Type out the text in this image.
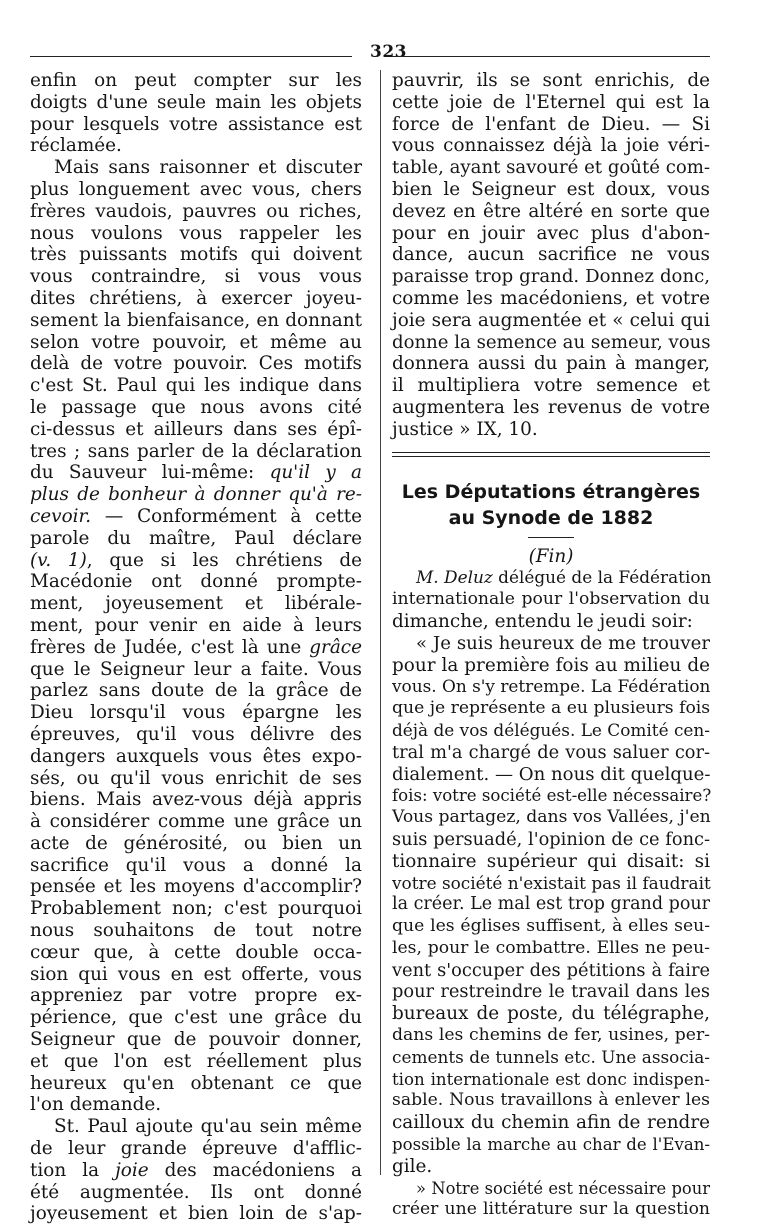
323
enfin on peut compter sur les
doigts d'une seule main les objets
pour lesquels votre assistance est
réclamée.
Mais sans raisonner et discuter
plus longuement avec vous, chers
frères vaudois, pauvres ou riches,
nous voulons vous rappeler les
très puissants motifs qui doivent
vous contraindre, si vous vous
dites chrétiens, à exercer joyeu-
sement la bienfaisance, en donnant
selon votre pouvoir, et même au
delà de votre pouvoir. Ces motifs
c'est St. Paul qui les indique dans
le passage que nous avons cité
ci-dessus et ailleurs dans ses épî-
tres ; sans parler de la déclaration
du Sauveur lui-même: qu'il y a
plus de bonheur à donner qu'à re-
cevoir. — Conformément à cette
parole du maître, Paul déclare
(v. 1), que si les chrétiens de
Macédonie ont donné prompte-
ment, joyeusement et libérale-
ment, pour venir en aide à leurs
frères de Judée, c'est là une grâce
que le Seigneur leur a faite. Vous
parlez sans doute de la grâce de
Dieu lorsqu'il vous épargne les
épreuves, qu'il vous délivre des
dangers auxquels vous êtes expo-
sés, ou qu'il vous enrichit de ses
biens. Mais avez-vous déjà appris
à considérer comme une grâce un
acte de générosité, ou bien un
sacrifice qu'il vous a donné la
pensée et les moyens d'accomplir?
Probablement non; c'est pourquoi
nous souhaitons de tout notre
cœur que, à cette double occa-
sion qui vous en est offerte, vous
appreniez par votre propre ex-
périence, que c'est une grâce du
Seigneur que de pouvoir donner,
et que l'on est réellement plus
heureux qu'en obtenant ce que
l'on demande.
St. Paul ajoute qu'au sein même
de leur grande épreuve d'afflic-
tion la joie des macédoniens a
été augmentée. Ils ont donné
joyeusement et bien loin de s'ap-
pauvrir, ils se sont enrichis, de
cette joie de l'Eternel qui est la
force de l'enfant de Dieu. — Si
vous connaissez déjà la joie véri-
table, ayant savouré et goûté com-
bien le Seigneur est doux, vous
devez en être altéré en sorte que
pour en jouir avec plus d'abon-
dance, aucun sacrifice ne vous
paraisse trop grand. Donnez donc,
comme les macédoniens, et votre
joie sera augmentée et « celui qui
donne la semence au semeur, vous
donnera aussi du pain à manger,
il multipliera votre semence et
augmentera les revenus de votre
justice » IX, 10.
Les Députations étrangères
au Synode de 1882
(Fin)
M. Deluz délégué de la Fédération
internationale pour l'observation du
dimanche, entendu le jeudi soir:
« Je suis heureux de me trouver
pour la première fois au milieu de
vous. On s'y retrempe. La Fédération
que je représente a eu plusieurs fois
déjà de vos délégués. Le Comité cen-
tral m'a chargé de vous saluer cor-
dialement. — On nous dit quelque-
fois: votre société est-elle nécessaire?
Vous partagez, dans vos Vallées, j'en
suis persuadé, l'opinion de ce fonc-
tionnaire supérieur qui disait: si
votre société n'existait pas il faudrait
la créer. Le mal est trop grand pour
que les églises suffisent, à elles seu-
les, pour le combattre. Elles ne peu-
vent s'occuper des pétitions à faire
pour restreindre le travail dans les
bureaux de poste, du télégraphe,
dans les chemins de fer, usines, per-
cements de tunnels etc. Une associa-
tion internationale est donc indispen-
sable. Nous travaillons à enlever les
cailloux du chemin afin de rendre
possible la marche au char de l'Evan-
gile.
» Notre société est nécessaire pour
créer une littérature sur la question
